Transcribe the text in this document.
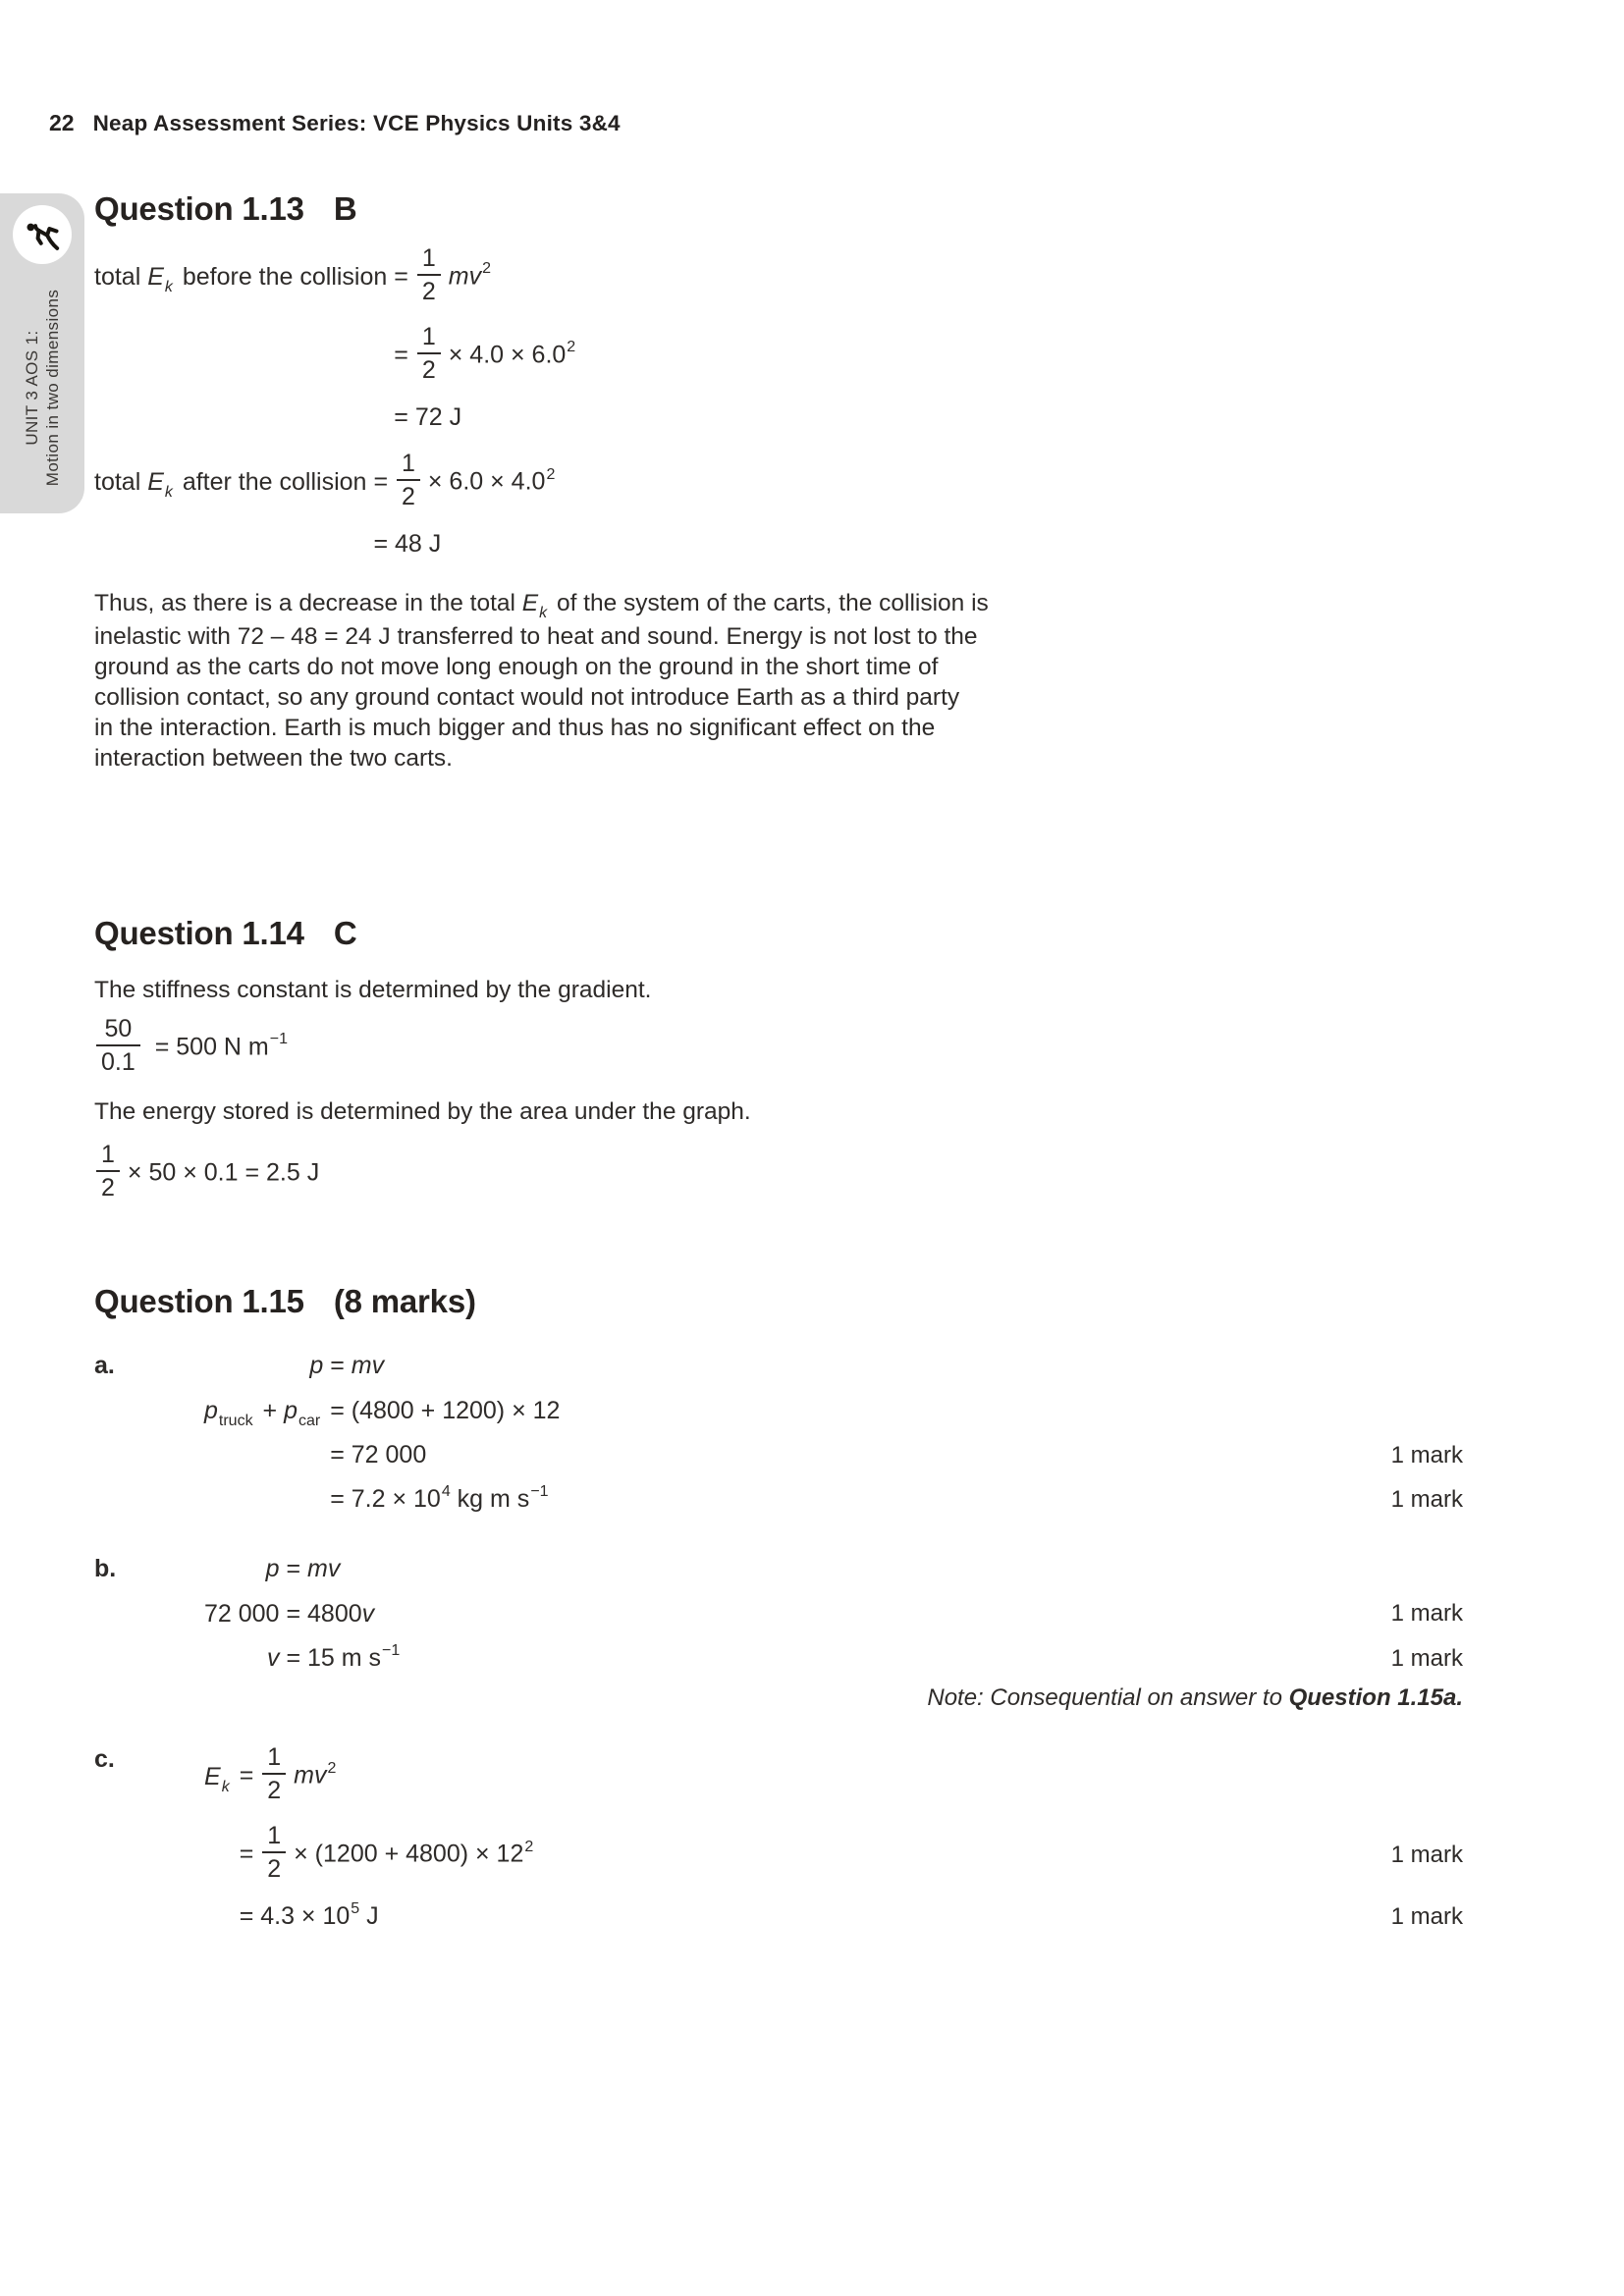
22 Neap Assessment Series: VCE Physics Units 3&4
UNIT 3 AOS 1: Motion in two dimensions
Question 1.13 B
total Ek before the collision	= $\frac{1}{2} mv2$	
	= $\frac{1}{2} \times 4.0 \times 6.02$	
	= 72 J	
total Ek after the collision	= $\frac{1}{2} \times 6.0 \times 4.02$	
	= 48 J	

Thus, as there is a decrease in the total Ek of the system of the carts, the collision is
inelastic with 72 – 48 = 24 J transferred to heat and sound. Energy is not lost to the
ground as the carts do not move long enough on the ground in the short time of
collision contact, so any ground contact would not introduce Earth as a third party
in the interaction. Earth is much bigger and thus has no significant effect on the
interaction between the two carts.

Question 1.14 C

The stiffness constant is determined by the gradient.

$\frac{50}{0.1} = 500$ N m−1

The energy stored is determined by the area under the graph.

$\frac{1}{2} \times 50 \times 0.1 = 2.5$ J
Question 1.15 (8 marks)
a.	p	= mv	
ptruck + pcar	= (4800 + 1200) × 12	
	= 72 000	1 mark
	= 7.2 × 104 kg m s−1	1 mark
b.	p	= mv	
72 000	= 4800v	1 mark
v	= 15 m s−1	1 mark
Note: Consequential on answer to Question 1.15a.
c.
Ek	= $\frac{1}{2} mv2$	
	= $\frac{1}{2} \times (1200 + 4800) \times 122$	1 mark
	= 4.3 × 105 J	1 mark
